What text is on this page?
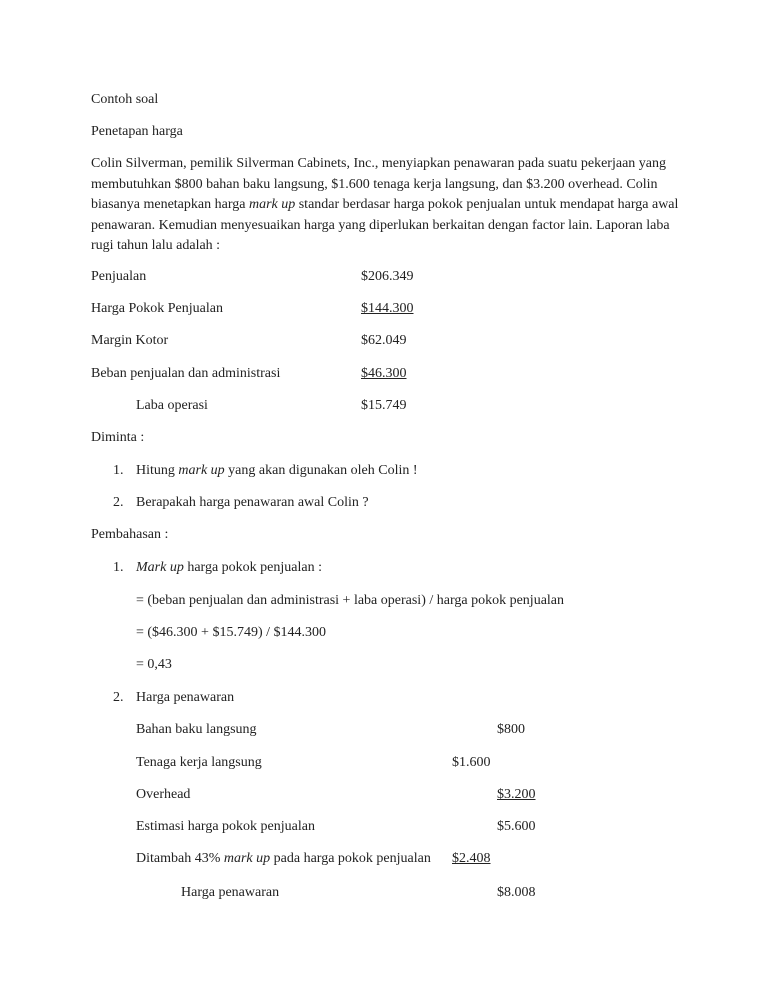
Contoh soal
Penetapan harga
Colin Silverman, pemilik Silverman Cabinets, Inc., menyiapkan penawaran pada suatu pekerjaan yang membutuhkan $800 bahan baku langsung, $1.600 tenaga kerja langsung, dan $3.200 overhead. Colin biasanya menetapkan harga mark up standar berdasar harga pokok penjualan untuk mendapat harga awal penawaran. Kemudian menyesuaikan harga yang diperlukan berkaitan dengan factor lain. Laporan laba rugi tahun lalu adalah :
Penjualan	$206.349
Harga Pokok Penjualan	$144.300
Margin Kotor	$62.049
Beban penjualan dan administrasi	$46.300
Laba operasi	$15.749
Diminta :
1. Hitung mark up yang akan digunakan oleh Colin !
2. Berapakah harga penawaran awal Colin ?
Pembahasan :
1. Mark up harga pokok penjualan :
= (beban penjualan dan administrasi + laba operasi) / harga pokok penjualan
= ($46.300 + $15.749) / $144.300
= 0,43
2. Harga penawaran
Bahan baku langsung	$800
Tenaga kerja langsung	$1.600
Overhead	$3.200
Estimasi harga pokok penjualan	$5.600
Ditambah 43% mark up pada harga pokok penjualan $2.408
Harga penawaran	$8.008
